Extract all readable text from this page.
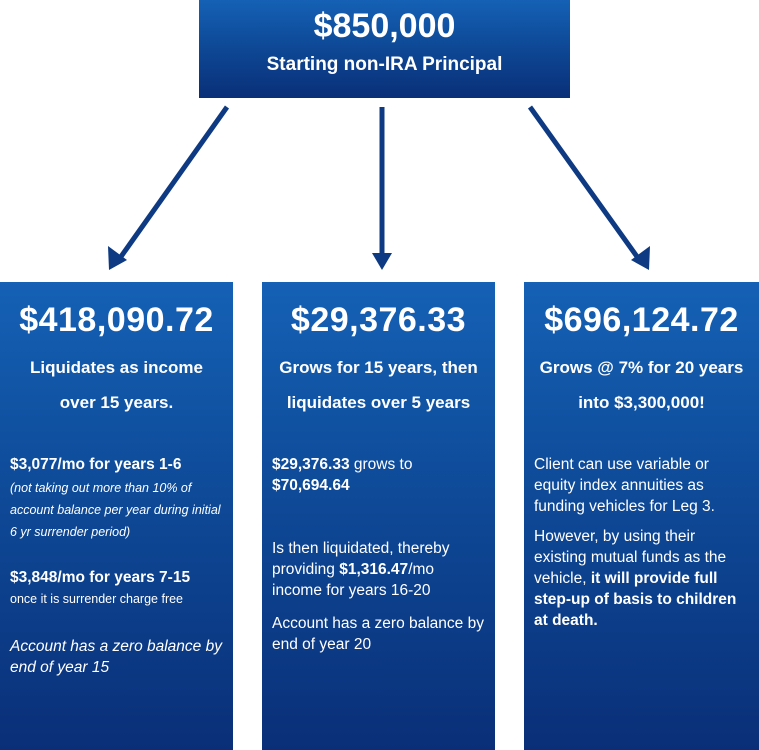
$850,000
Starting non-IRA Principal
$418,090.72
Liquidates as income over 15 years.
$3,077/mo for years 1-6
(not taking out more than 10% of account balance per year during initial 6 yr surrender period)
$3,848/mo for years 7-15
once it is surrender charge free
Account has a zero balance by end of year 15
$29,376.33
Grows for 15 years, then liquidates over 5 years
$29,376.33 grows to $70,694.64
Is then liquidated, thereby providing $1,316.47/mo income for years 16-20
Account has a zero balance by end of year 20
$696,124.72
Grows @ 7% for 20 years into $3,300,000!
Client can use variable or equity index annuities as funding vehicles for Leg 3.
However, by using their existing mutual funds as the vehicle, it will provide full step-up of basis to children at death.
